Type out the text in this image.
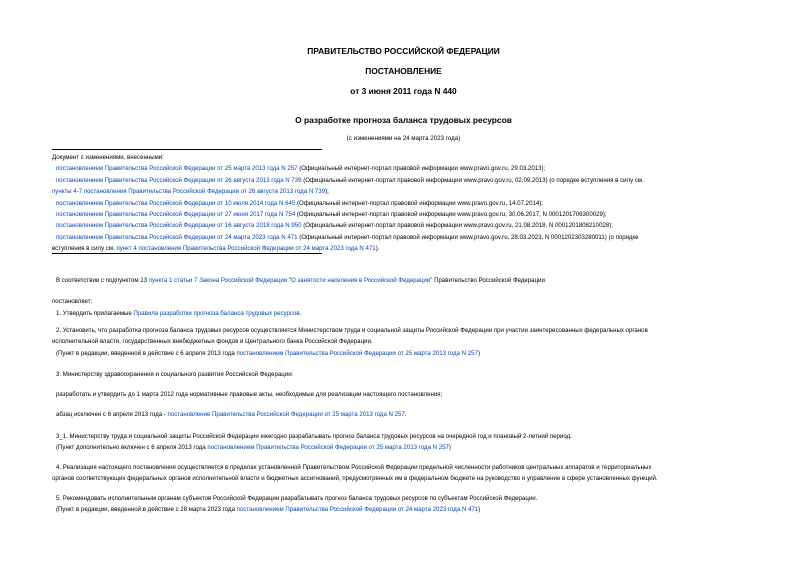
ПРАВИТЕЛЬСТВО РОССИЙСКОЙ ФЕДЕРАЦИИ
ПОСТАНОВЛЕНИЕ
от 3 июня 2011 года N 440
О разработке прогноза баланса трудовых ресурсов
(с изменениями на 24 марта 2023 года)
Документ с изменениями, внесенными:
постановлением Правительства Российской Федерации от 25 марта 2013 года N 257 (Официальный интернет-портал правовой информации www.pravo.gov.ru, 29.03.2013);
постановлением Правительства Российской Федерации от 26 августа 2013 года N 739 (Официальный интернет-портал правовой информации www.pravo.gov.ru, 02.09.2013) (о порядке вступления в силу см.
пункты 4-7 постановления Правительства Российской Федерации от 26 августа 2013 года N 739);
постановлением Правительства Российской Федерации от 10 июля 2014 года N 645 (Официальный интернет-портал правовой информации www.pravo.gov.ru, 14.07.2014);
постановлением Правительства Российской Федерации от 27 июня 2017 года N 754 (Официальный интернет-портал правовой информации www.pravo.gov.ru, 30.06.2017, N 0001201706300029);
постановлением Правительства Российской Федерации от 16 августа 2018 года N 950 (Официальный интернет-портал правовой информации www.pravo.gov.ru, 21.08.2018, N 0001201808210028);
постановлением Правительства Российской Федерации от 24 марта 2023 года N 471 (Официальный интернет-портал правовой информации www.pravo.gov.ru, 28.03.2023, N 0001202303280011) (о порядке
вступления в силу см. пункт 4 постановления Правительства Российской Федерации от 24 марта 2023 года N 471).
В соответствии с подпунктом 13 пункта 1 статьи 7 Закона Российской Федерации "О занятости населения в Российской Федерации" Правительство Российской Федерации
постановляет:
1. Утвердить прилагаемые Правила разработки прогноза баланса трудовых ресурсов.
2. Установить, что разработка прогноза баланса трудовых ресурсов осуществляется Министерством труда и социальной защиты Российской Федерации при участии заинтересованных федеральных органов
исполнительной власти, государственных внебюджетных фондов и Центрального банка Российской Федерации.
(Пункт в редакции, введенной в действие с 6 апреля 2013 года постановлением Правительства Российской Федерации от 25 марта 2013 года N 257)
3. Министерству здравоохранения и социального развития Российской Федерации:
разработать и утвердить до 1 марта 2012 года нормативные правовые акты, необходимые для реализации настоящего постановления;
абзац исключен с 6 апреля 2013 года - постановление Правительства Российской Федерации от 25 марта 2013 года N 257.
3_1. Министерству труда и социальной защиты Российской Федерации ежегодно разрабатывать прогноз баланса трудовых ресурсов на очередной год и плановый 2-летний период.
(Пункт дополнительно включен с 6 апреля 2013 года постановлением Правительства Российской Федерации от 25 марта 2013 года N 257)
4. Реализация настоящего постановления осуществляется в пределах установленной Правительством Российской Федерации предельной численности работников центральных аппаратов и территориальных
органов соответствующих федеральных органов исполнительной власти и бюджетных ассигнований, предусмотренных им в федеральном бюджете на руководство и управление в сфере установленных функций.
5. Рекомендовать исполнительным органам субъектов Российской Федерации разрабатывать прогноз баланса трудовых ресурсов по субъектам Российской Федерации.
(Пункт в редакции, введенной в действие с 28 марта 2023 года постановлением Правительства Российской Федерации от 24 марта 2023 года N 471)
